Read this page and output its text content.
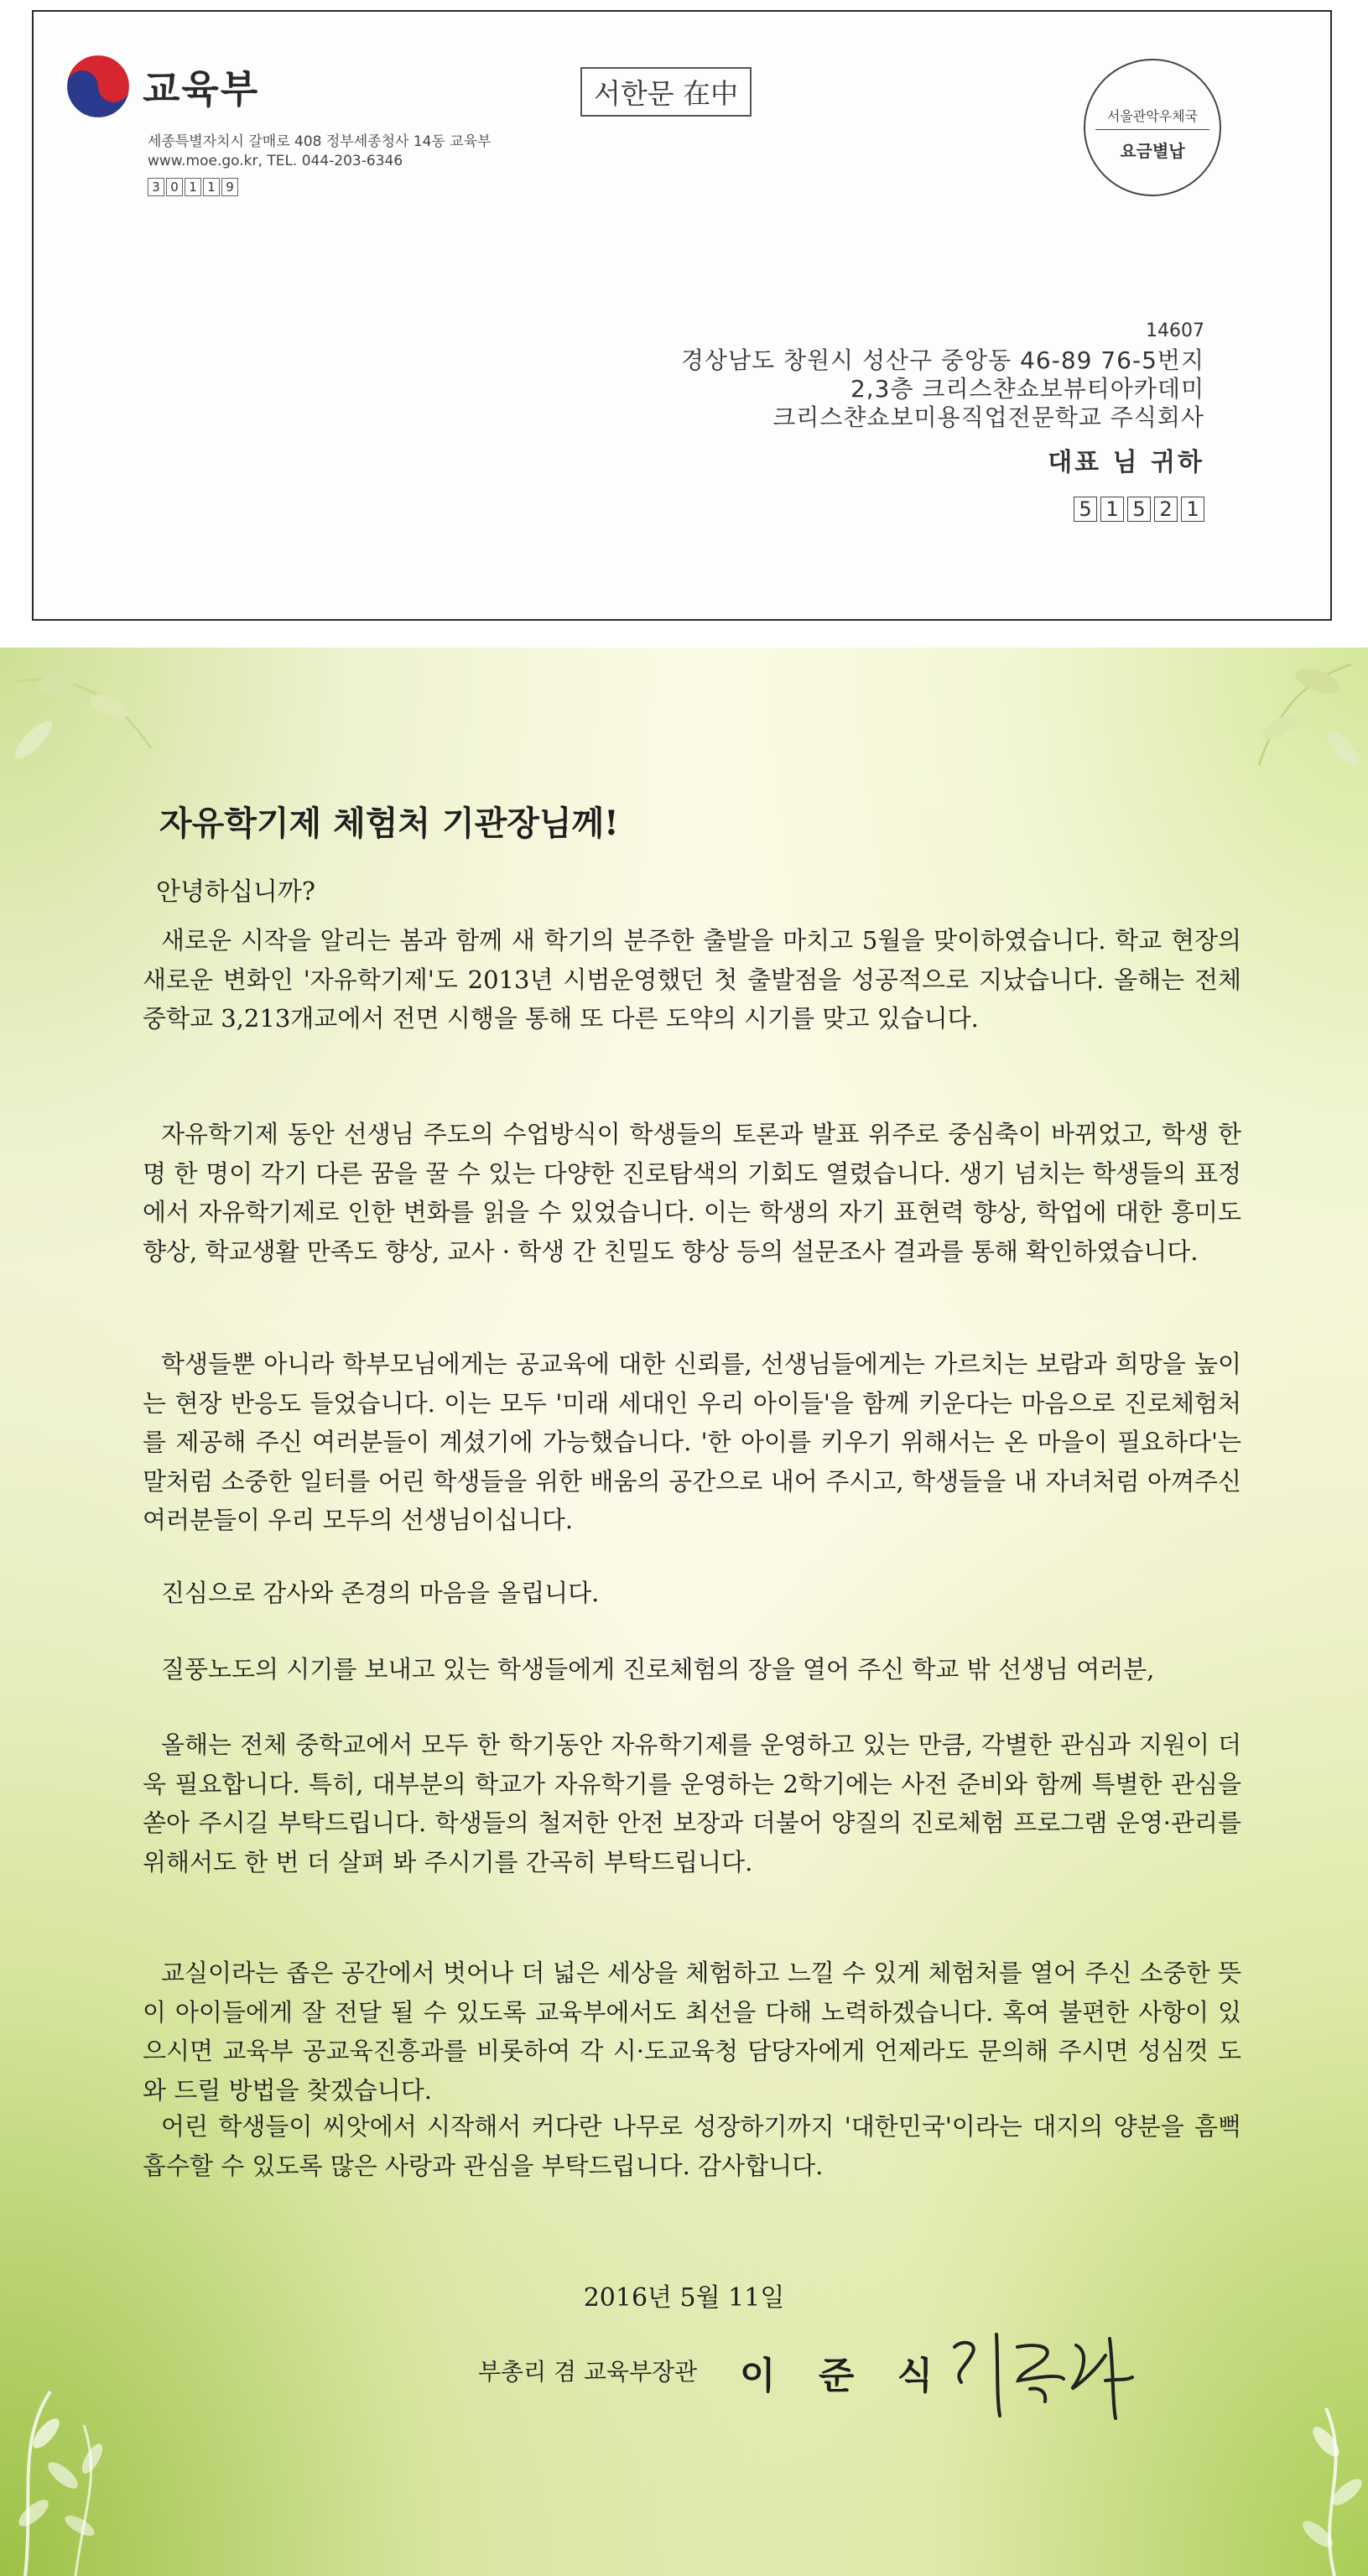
교육부
세종특별자치시 갈매로 408 정부세종청사 14동 교육부
www.moe.go.kr, TEL. 044-203-6346
3 0 1 1 9
서한문 在中
서울관악우체국
요금별납
14607
경상남도 창원시 성산구 중앙동 46-89 76-5번지
2,3층 크리스챤쇼보뷰티아카데미
크리스챤쇼보미용직업전문학교 주식회사
대표 님 귀하
5 1 5 2 1
자유학기제 체험처 기관장님께!
안녕하십니까?
새로운 시작을 알리는 봄과 함께 새 학기의 분주한 출발을 마치고 5월을 맞이하였습니다. 학교 현장의 새로운 변화인 '자유학기제'도 2013년 시범운영했던 첫 출발점을 성공적으로 지났습니다. 올해는 전체 중학교 3,213개교에서 전면 시행을 통해 또 다른 도약의 시기를 맞고 있습니다.
자유학기제 동안 선생님 주도의 수업방식이 학생들의 토론과 발표 위주로 중심축이 바뀌었고, 학생 한 명 한 명이 각기 다른 꿈을 꿀 수 있는 다양한 진로탐색의 기회도 열렸습니다. 생기 넘치는 학생들의 표정에서 자유학기제로 인한 변화를 읽을 수 있었습니다. 이는 학생의 자기 표현력 향상, 학업에 대한 흥미도 향상, 학교생활 만족도 향상, 교사 · 학생 간 친밀도 향상 등의 설문조사 결과를 통해 확인하였습니다.
학생들뿐 아니라 학부모님에게는 공교육에 대한 신뢰를, 선생님들에게는 가르치는 보람과 희망을 높이는 현장 반응도 들었습니다. 이는 모두 '미래 세대인 우리 아이들'을 함께 키운다는 마음으로 진로체험처를 제공해 주신 여러분들이 계셨기에 가능했습니다. '한 아이를 키우기 위해서는 온 마을이 필요하다'는 말처럼 소중한 일터를 어린 학생들을 위한 배움의 공간으로 내어 주시고, 학생들을 내 자녀처럼 아껴주신 여러분들이 우리 모두의 선생님이십니다.
진심으로 감사와 존경의 마음을 올립니다.
질풍노도의 시기를 보내고 있는 학생들에게 진로체험의 장을 열어 주신 학교 밖 선생님 여러분,
올해는 전체 중학교에서 모두 한 학기동안 자유학기제를 운영하고 있는 만큼, 각별한 관심과 지원이 더욱 필요합니다. 특히, 대부분의 학교가 자유학기를 운영하는 2학기에는 사전 준비와 함께 특별한 관심을 쏟아 주시길 부탁드립니다. 학생들의 철저한 안전 보장과 더불어 양질의 진로체험 프로그램 운영·관리를 위해서도 한 번 더 살펴 봐 주시기를 간곡히 부탁드립니다.
교실이라는 좁은 공간에서 벗어나 더 넓은 세상을 체험하고 느낄 수 있게 체험처를 열어 주신 소중한 뜻이 아이들에게 잘 전달 될 수 있도록 교육부에서도 최선을 다해 노력하겠습니다. 혹여 불편한 사항이 있으시면 교육부 공교육진흥과를 비롯하여 각 시·도교육청 담당자에게 언제라도 문의해 주시면 성심껏 도와 드릴 방법을 찾겠습니다.
어린 학생들이 씨앗에서 시작해서 커다란 나무로 성장하기까지 '대한민국'이라는 대지의 양분을 흠뻑 흡수할 수 있도록 많은 사랑과 관심을 부탁드립니다. 감사합니다.
2016년 5월 11일
부총리 겸 교육부장관 이 준 식
